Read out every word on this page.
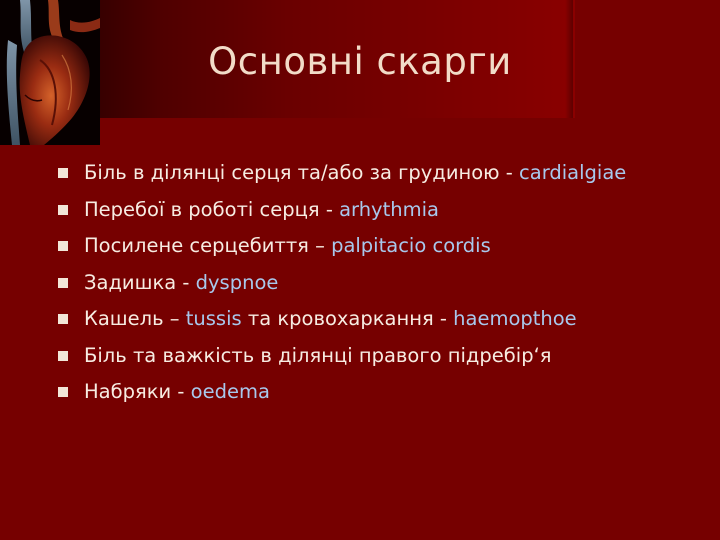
Основні скарги
Біль в ділянці серця та/або за грудиною - cardialgiae
Перебої в роботі серця - arhythmia
Посилене серцебиття – palpitacio cordis
Задишка - dyspnoe
Кашель – tussis та кровохаркання - haemopthoe
Біль та важкість в ділянці правого підребір‘я
Набряки - oedema
